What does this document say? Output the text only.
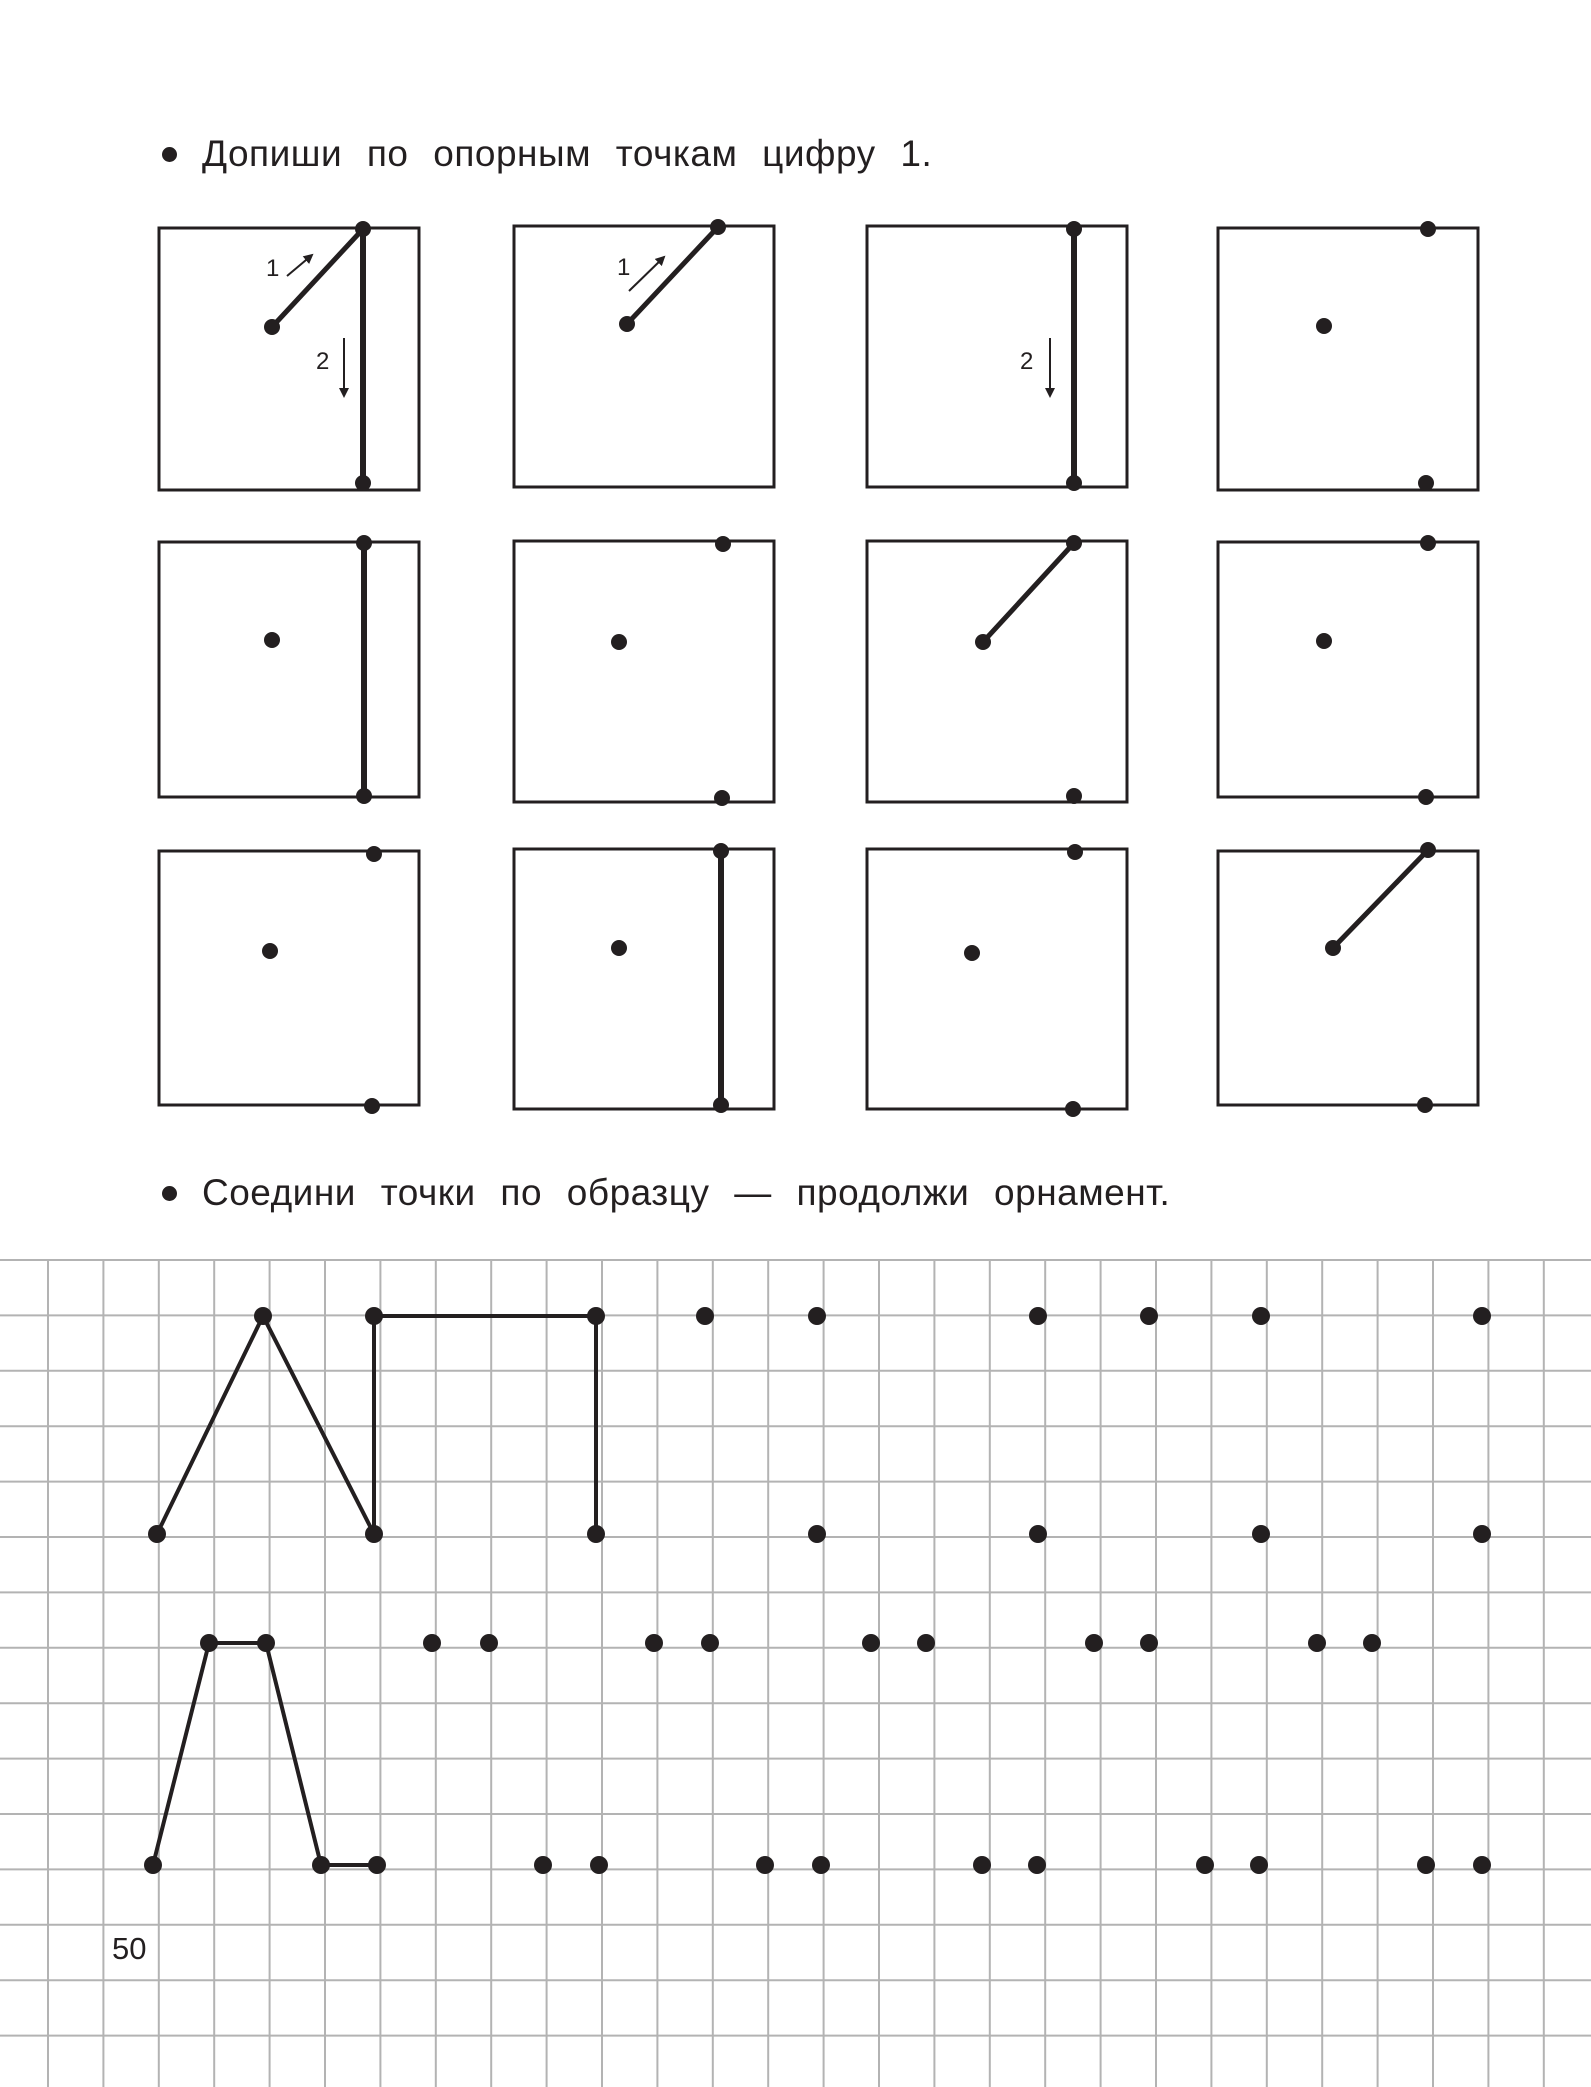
Допиши по опорным точкам цифру 1.
1
2
1
2
Соедини точки по образцу — продолжи орнамент.
50
